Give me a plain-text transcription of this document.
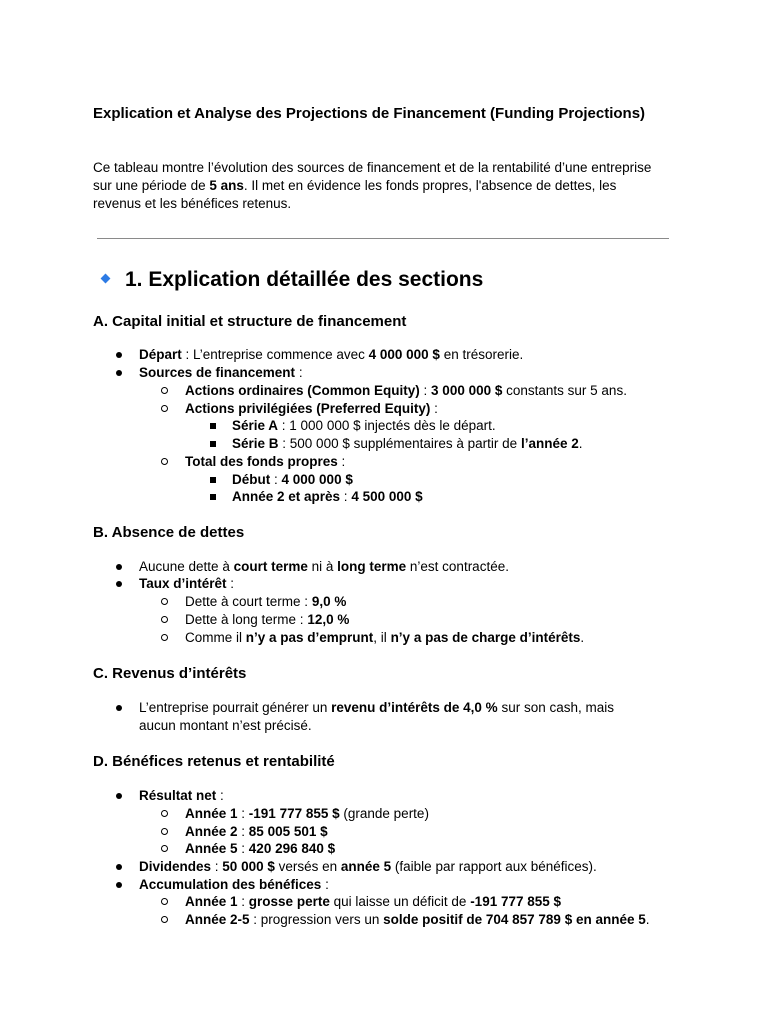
Explication et Analyse des Projections de Financement (Funding Projections)

Ce tableau montre l’évolution des sources de financement et de la rentabilité d’une entreprise sur une période de 5 ans. Il met en évidence les fonds propres, l'absence de dettes, les revenus et les bénéfices retenus.

1. Explication détaillée des sections
A. Capital initial et structure de financement
Départ : L’entreprise commence avec 4 000 000 $ en trésorerie.
Sources de financement :
Actions ordinaires (Common Equity) : 3 000 000 $ constants sur 5 ans.
Actions privilégiées (Preferred Equity) :
Série A : 1 000 000 $ injectés dès le départ.
Série B : 500 000 $ supplémentaires à partir de l’année 2.
Total des fonds propres :
Début : 4 000 000 $
Année 2 et après : 4 500 000 $
B. Absence de dettes
Aucune dette à court terme ni à long terme n’est contractée.
Taux d’intérêt :
Dette à court terme : 9,0 %
Dette à long terme : 12,0 %
Comme il n’y a pas d’emprunt, il n’y a pas de charge d’intérêts.
C. Revenus d’intérêts
L’entreprise pourrait générer un revenu d’intérêts de 4,0 % sur son cash, mais
aucun montant n’est précisé.
D. Bénéfices retenus et rentabilité
Résultat net :
Année 1 : -191 777 855 $ (grande perte)
Année 2 : 85 005 501 $
Année 5 : 420 296 840 $
Dividendes : 50 000 $ versés en année 5 (faible par rapport aux bénéfices).
Accumulation des bénéfices :
Année 1 : grosse perte qui laisse un déficit de -191 777 855 $
Année 2-5 : progression vers un solde positif de 704 857 789 $ en année 5.
